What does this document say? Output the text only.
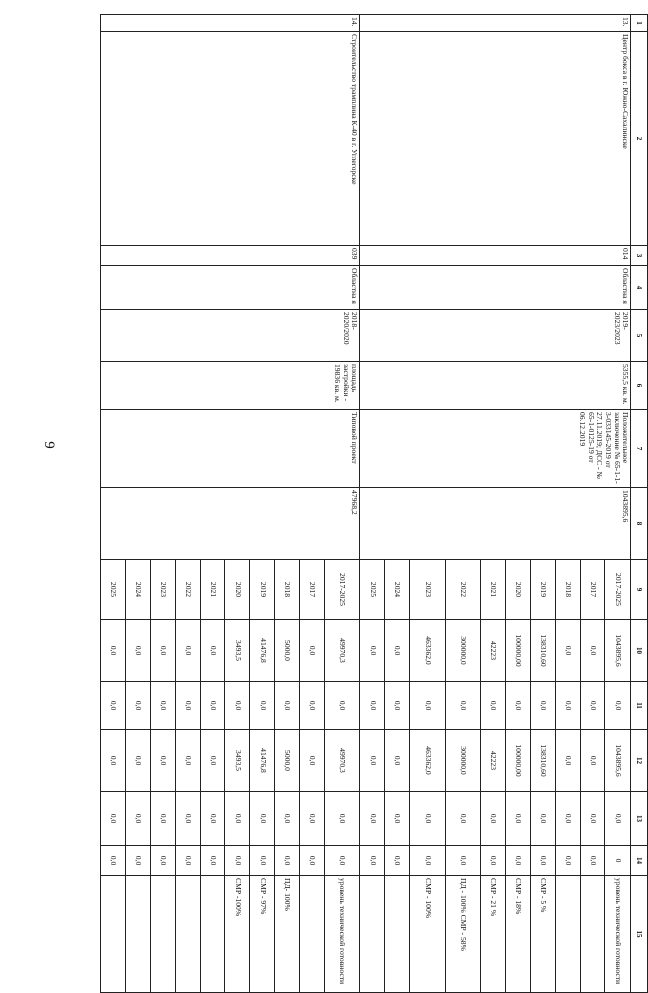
9
1	2	3	4	5	6	7	8	9	10	11	12	13	14	15
13.	Центр бокса в г. Южно-Сахалинске	014	Областна я	2019-2023/2023	5355,5 кв. м.	Положительное заключение № 65-1-1-3-033145-2019 от 27.11.2019; ДСС - № 65-1-0125-19 от 06.12.2019	1043895,6	2017-2025	1043895,6	0,0	1043895,6	0,0	0	уровень технической готовности
								2017	0,0	0,0	0,0	0,0	0,0	
								2018	0,0	0,0	0,0	0,0	0,0	
								2019	138310,60	0,0	138310,60	0,0	0,0	СМР - 5 %
								2020	100000,00	0,0	100000,00	0,0	0,0	СМР - 18%
								2021	42223	0,0	42223	0,0	0,0	СМР - 21 %
								2022	300000,0	0,0	300000,0	0,0	0,0	ПД - 100% СМР - 58%
								2023	463362,0	0,0	463362,0	0,0	0,0	СМР - 100%
								2024	0,0	0,0	0,0	0,0	0,0	
								2025	0,0	0,0	0,0	0,0	0,0	
14.	Строительство трамплина К-40 в г. Углегорске	039	Областна я	2018-2020/2020	площадь застройки - 19836 кв. м.	Типовой проект	47968,2	2017-2025	49970,3	0,0	49970,3	0,0	0,0	уровень технической готовности
								2017	0,0	0,0	0,0	0,0	0,0	
								2018	5000,0	0,0	5000,0	0,0	0,0	ПД- 100%
								2019	41476,8	0,0	41476,8	0,0	0,0	СМР - 97%
								2020	3493,5	0,0	3493,5	0,0	0,0	СМР -100%
								2021	0,0	0,0	0,0	0,0	0,0	
								2022	0,0	0,0	0,0	0,0	0,0	
								2023	0,0	0,0	0,0	0,0	0,0	
								2024	0,0	0,0	0,0	0,0	0,0	
								2025	0,0	0,0	0,0	0,0	0,0	
